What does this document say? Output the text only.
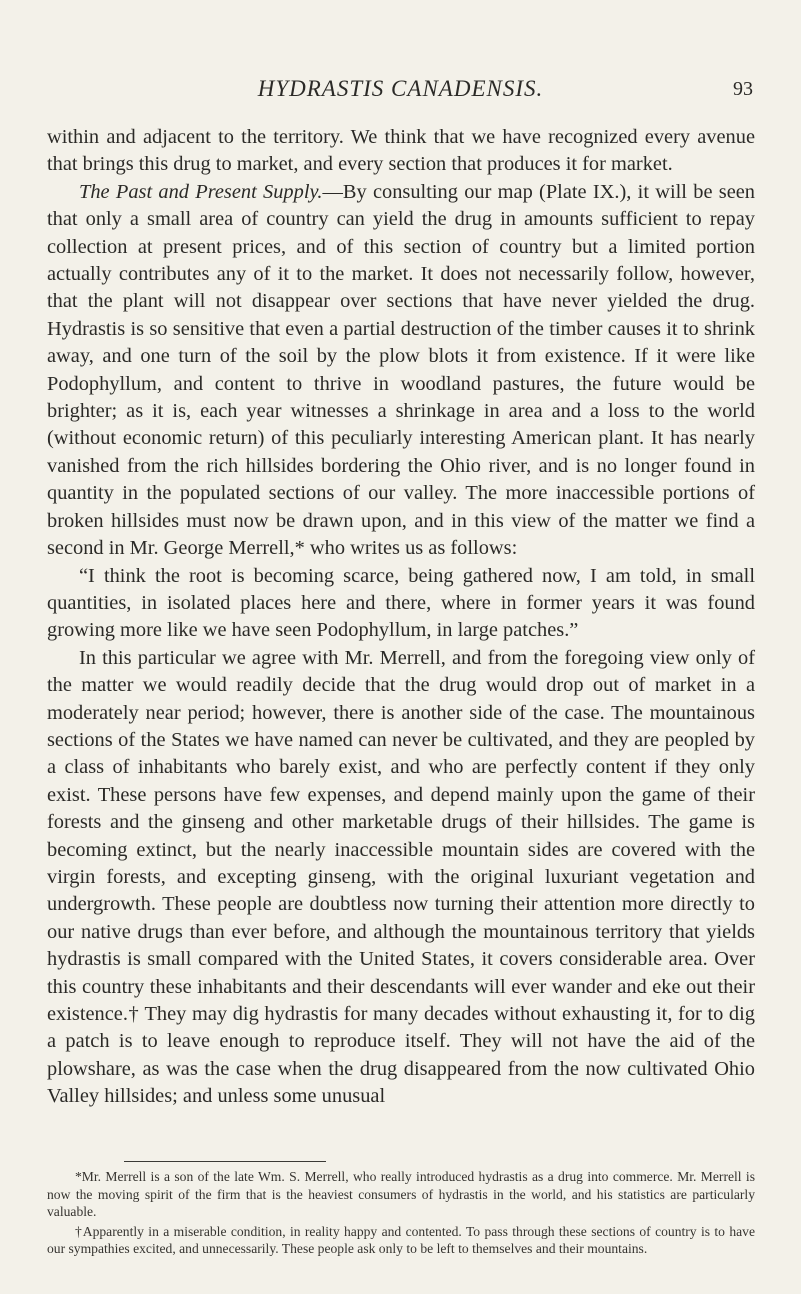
HYDRASTIS CANADENSIS.	93

within and adjacent to the territory. We think that we have recognized every avenue that brings this drug to market, and every section that produces it for market.

The Past and Present Supply.—By consulting our map (Plate IX.), it will be seen that only a small area of country can yield the drug in amounts sufficient to repay collection at present prices, and of this section of country but a limited portion actually contributes any of it to the market. It does not necessarily follow, however, that the plant will not disappear over sections that have never yielded the drug. Hydrastis is so sensitive that even a partial destruction of the timber causes it to shrink away, and one turn of the soil by the plow blots it from existence. If it were like Podophyllum, and content to thrive in woodland pastures, the future would be brighter; as it is, each year witnesses a shrinkage in area and a loss to the world (without economic return) of this peculiarly interesting American plant. It has nearly vanished from the rich hillsides bordering the Ohio river, and is no longer found in quantity in the populated sections of our valley. The more inaccessible portions of broken hillsides must now be drawn upon, and in this view of the matter we find a second in Mr. George Merrell,* who writes us as follows:

“I think the root is becoming scarce, being gathered now, I am told, in small quantities, in isolated places here and there, where in former years it was found growing more like we have seen Podophyllum, in large patches.”

In this particular we agree with Mr. Merrell, and from the foregoing view only of the matter we would readily decide that the drug would drop out of market in a moderately near period; however, there is another side of the case. The mountainous sections of the States we have named can never be cultivated, and they are peopled by a class of inhabitants who barely exist, and who are perfectly content if they only exist. These persons have few expenses, and depend mainly upon the game of their forests and the ginseng and other marketable drugs of their hillsides. The game is becoming extinct, but the nearly inaccessible mountain sides are covered with the virgin forests, and excepting ginseng, with the original luxuriant vegetation and undergrowth. These people are doubtless now turning their attention more directly to our native drugs than ever before, and although the mountainous territory that yields hydrastis is small compared with the United States, it covers considerable area. Over this country these inhabitants and their descendants will ever wander and eke out their existence.† They may dig hydrastis for many decades without exhausting it, for to dig a patch is to leave enough to reproduce itself. They will not have the aid of the plowshare, as was the case when the drug disappeared from the now cultivated Ohio Valley hillsides; and unless some unusual

*Mr. Merrell is a son of the late Wm. S. Merrell, who really introduced hydrastis as a drug into commerce. Mr. Merrell is now the moving spirit of the firm that is the heaviest consumers of hydrastis in the world, and his statistics are particularly valuable.

†Apparently in a miserable condition, in reality happy and contented. To pass through these sections of country is to have our sympathies excited, and unnecessarily. These people ask only to be left to themselves and their mountains.
